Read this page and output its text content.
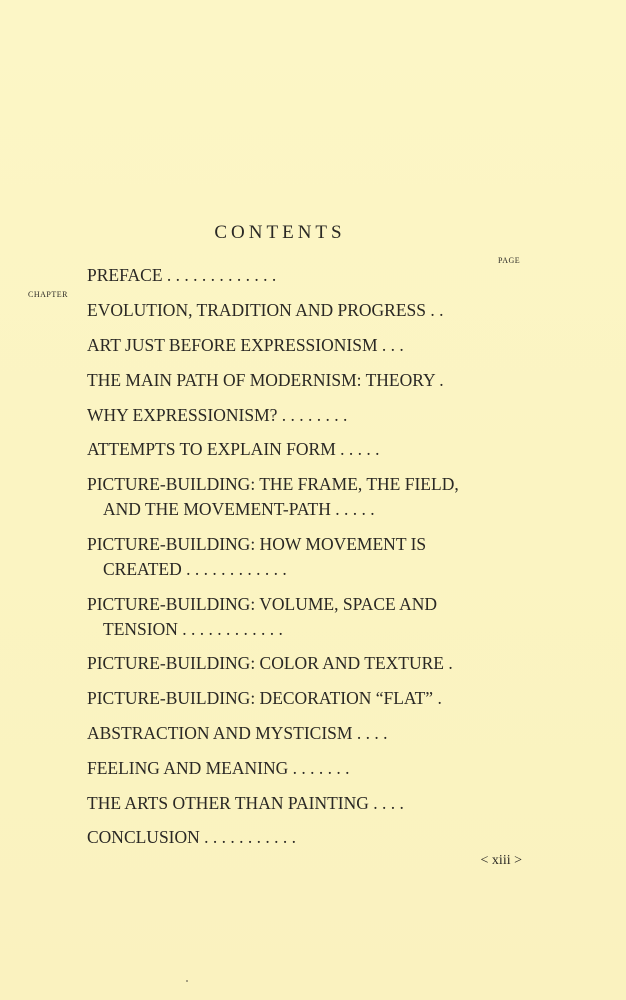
CONTENTS
PAGE
CHAPTER
PREFACE . . . . . . . . . . . . .
EVOLUTION, TRADITION AND PROGRESS . .
ART JUST BEFORE EXPRESSIONISM . . .
THE MAIN PATH OF MODERNISM: THEORY .
WHY EXPRESSIONISM? . . . . . . . .
ATTEMPTS TO EXPLAIN FORM . . . . .
PICTURE-BUILDING: THE FRAME, THE FIELD,
AND THE MOVEMENT-PATH . . . . .
PICTURE-BUILDING: HOW MOVEMENT IS
CREATED . . . . . . . . . . . .
PICTURE-BUILDING: VOLUME, SPACE AND
TENSION . . . . . . . . . . . .
PICTURE-BUILDING: COLOR AND TEXTURE .
PICTURE-BUILDING: DECORATION “FLAT” .
ABSTRACTION AND MYSTICISM . . . .
FEELING AND MEANING . . . . . . .
THE ARTS OTHER THAN PAINTING . . . .
CONCLUSION . . . . . . . . . . .
< xiii >
